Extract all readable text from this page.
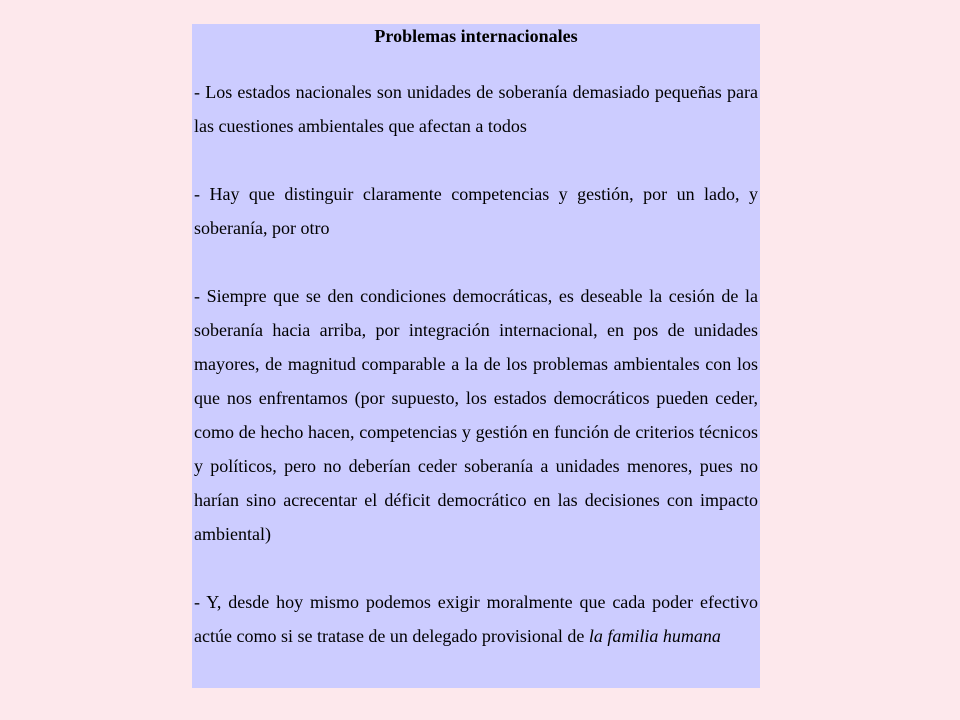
Problemas internacionales

- Los estados nacionales son unidades de soberanía demasiado pequeñas para las cuestiones ambientales que afectan a todos

- Hay que distinguir claramente competencias y gestión, por un lado, y soberanía, por otro

- Siempre que se den condiciones democráticas, es deseable la cesión de la soberanía hacia arriba, por integración internacional, en pos de unidades mayores, de magnitud comparable a la de los problemas ambientales con los que nos enfrentamos (por supuesto, los estados democráticos pueden ceder, como de hecho hacen, competencias y gestión en función de criterios técnicos y políticos, pero no deberían ceder soberanía a unidades menores, pues no harían sino acrecentar el déficit democrático en las decisiones con impacto ambiental)

- Y, desde hoy mismo podemos exigir moralmente que cada poder efectivo actúe como si se tratase de un delegado provisional de la familia humana
